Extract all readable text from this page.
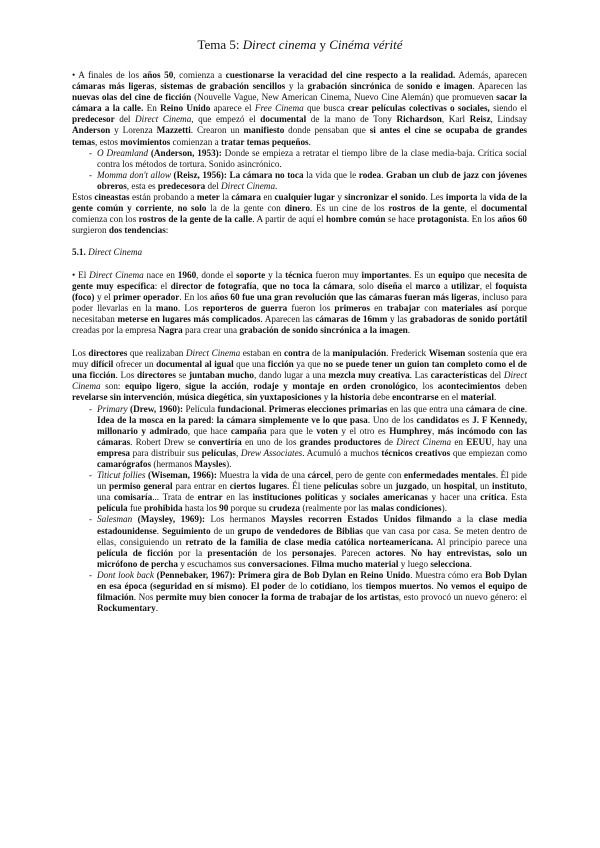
Tema 5: Direct cinema y Cinéma vérité

• A finales de los años 50, comienza a cuestionarse la veracidad del cine respecto a la realidad. Además, aparecen cámaras más ligeras, sistemas de grabación sencillos y la grabación sincrónica de sonido e imagen. Aparecen las nuevas olas del cine de ficción (Nouvelle Vague, New American Cinema, Nuevo Cine Alemán) que promueven sacar la cámara a la calle. En Reino Unido aparece el Free Cinema que busca crear películas colectivas o sociales, siendo el predecesor del Direct Cinema, que empezó el documental de la mano de Tony Richardson, Karl Reisz, Lindsay Anderson y Lorenza Mazzetti. Crearon un manifiesto donde pensaban que si antes el cine se ocupaba de grandes temas, estos movimientos comienzan a tratar temas pequeños.

- O Dreamland (Anderson, 1953): Donde se empieza a retratar el tiempo libre de la clase media-baja. Crítica social contra los métodos de tortura. Sonido asincrónico.
- Momma don't allow (Reisz, 1956): La cámara no toca la vida que le rodea. Graban un club de jazz con jóvenes obreros, esta es predecesora del Direct Cinema.

Estos cineastas están probando a meter la cámara en cualquier lugar y sincronizar el sonido. Les importa la vida de la gente común y corriente, no solo la de la gente con dinero. Es un cine de los rostros de la gente, el documental comienza con los rostros de la gente de la calle. A partir de aquí el hombre común se hace protagonista. En los años 60 surgieron dos tendencias:

5.1. Direct Cinema

• El Direct Cinema nace en 1960, donde el soporte y la técnica fueron muy importantes. Es un equipo que necesita de gente muy específica: el director de fotografía, que no toca la cámara, solo diseña el marco a utilizar, el foquista (foco) y el primer operador. En los años 60 fue una gran revolución que las cámaras fueran más ligeras, incluso para poder llevarlas en la mano. Los reporteros de guerra fueron los primeros en trabajar con materiales así porque necesitaban meterse en lugares más complicados. Aparecen las cámaras de 16mm y las grabadoras de sonido portátil creadas por la empresa Nagra para crear una grabación de sonido sincrónica a la imagen.

Los directores que realizaban Direct Cinema estaban en contra de la manipulación. Frederick Wiseman sostenía que era muy difícil ofrecer un documental al igual que una ficción ya que no se puede tener un guion tan completo como el de una ficción. Los directores se juntaban mucho, dando lugar a una mezcla muy creativa. Las características del Direct Cinema son: equipo ligero, sigue la acción, rodaje y montaje en orden cronológico, los acontecimientos deben revelarse sin intervención, música diegética, sin yuxtaposiciones y la historia debe encontrarse en el material.

- Primary (Drew, 1960): Película fundacional. Primeras elecciones primarias en las que entra una cámara de cine. Idea de la mosca en la pared: la cámara simplemente ve lo que pasa. Uno de los candidatos es J. F Kennedy, millonario y admirado, que hace campaña para que le voten y el otro es Humphrey, más incómodo con las cámaras. Robert Drew se convertiría en uno de los grandes productores de Direct Cinema en EEUU, hay una empresa para distribuir sus películas, Drew Associates. Acumuló a muchos técnicos creativos que empiezan como camarógrafos (hermanos Maysles).
- Titicut follies (Wiseman, 1966): Muestra la vida de una cárcel, pero de gente con enfermedades mentales. Él pide un permiso general para entrar en ciertos lugares. Él tiene películas sobre un juzgado, un hospital, un instituto, una comisaría... Trata de entrar en las instituciones políticas y sociales americanas y hacer una crítica. Esta película fue prohibida hasta los 90 porque su crudeza (realmente por las malas condiciones).
- Salesman (Maysley, 1969): Los hermanos Maysles recorren Estados Unidos filmando a la clase media estadounidense. Seguimiento de un grupo de vendedores de Biblias que van casa por casa. Se meten dentro de ellas, consiguiendo un retrato de la familia de clase media católica norteamericana. Al principio parece una película de ficción por la presentación de los personajes. Parecen actores. No hay entrevistas, solo un micrófono de percha y escuchamos sus conversaciones. Filma mucho material y luego selecciona.
- Dont look back (Pennebaker, 1967): Primera gira de Bob Dylan en Reino Unido. Muestra cómo era Bob Dylan en esa época (seguridad en sí mismo). El poder de lo cotidiano, los tiempos muertos. No vemos el equipo de filmación. Nos permite muy bien conocer la forma de trabajar de los artistas, esto provocó un nuevo género: el Rockumentary.
